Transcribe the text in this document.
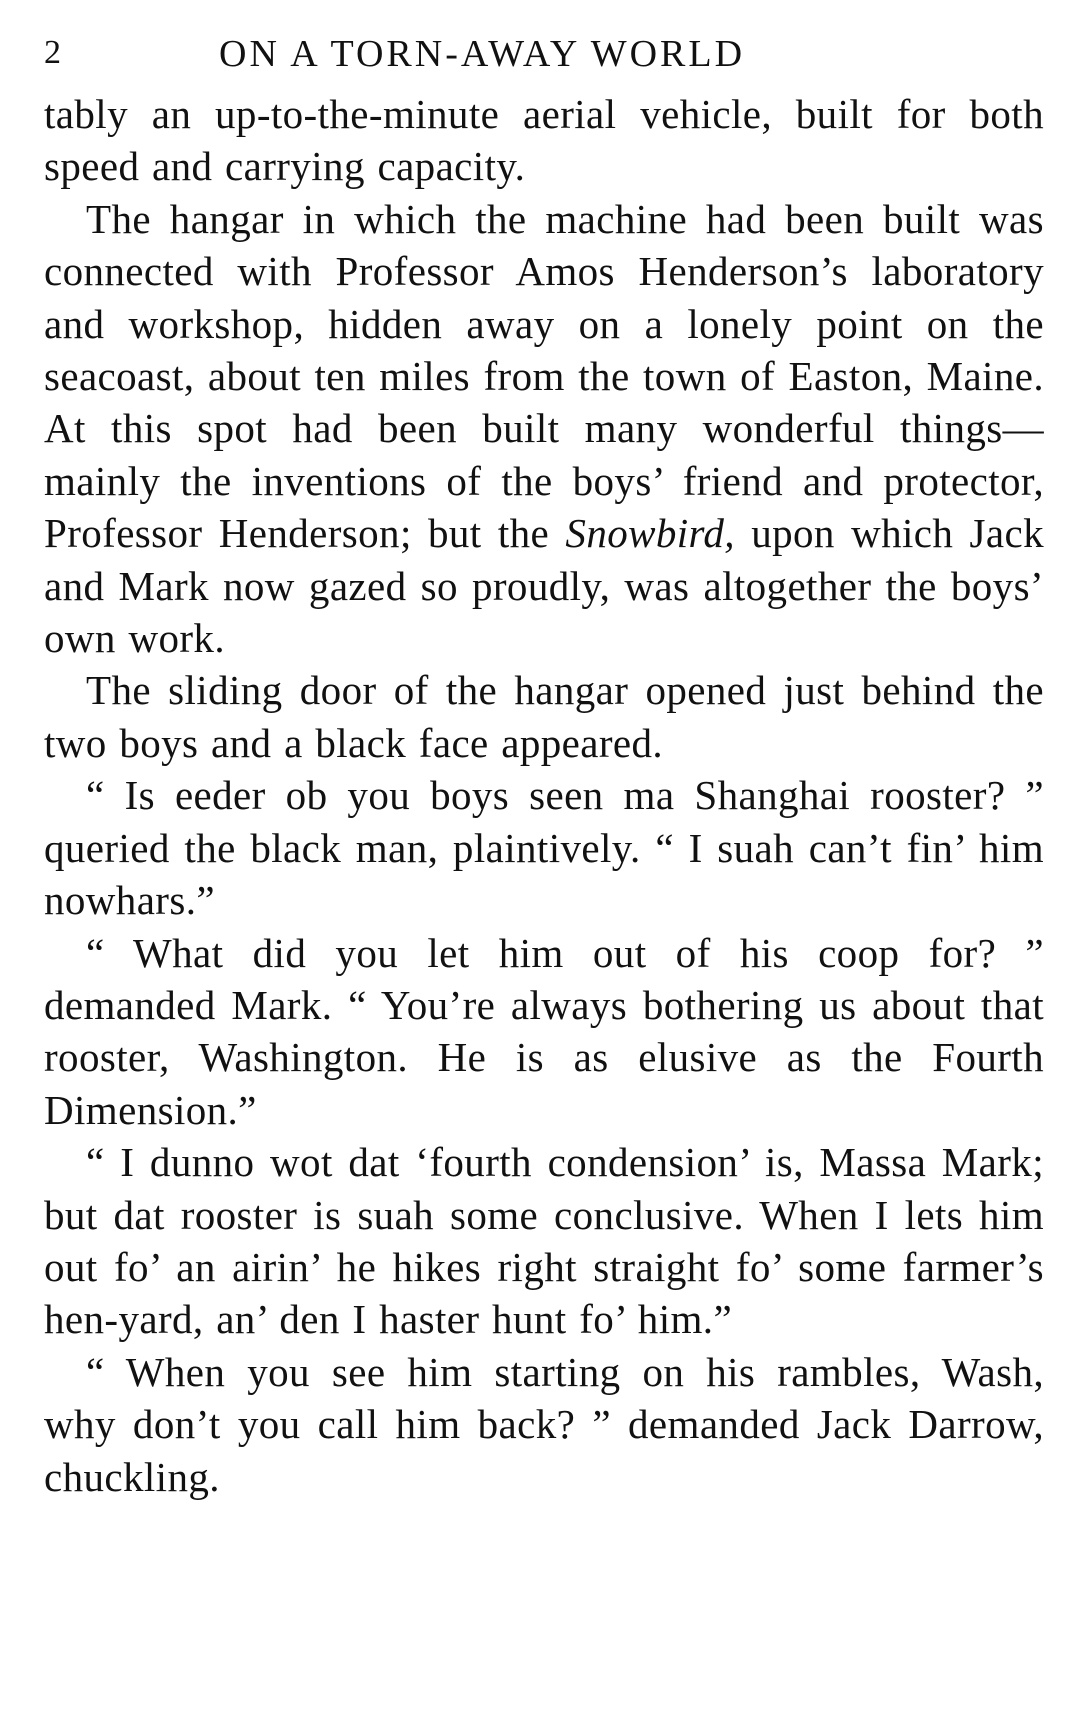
2	ON A TORN-AWAY WORLD

tably an up-to-the-minute aerial vehicle, built for both speed and carrying capacity.

The hangar in which the machine had been built was connected with Professor Amos Henderson’s laboratory and workshop, hidden away on a lonely point on the seacoast, about ten miles from the town of Easton, Maine. At this spot had been built many wonderful things—mainly the inventions of the boys’ friend and protector, Professor Henderson; but the Snowbird, upon which Jack and Mark now gazed so proudly, was altogether the boys’ own work.

The sliding door of the hangar opened just behind the two boys and a black face appeared.

“ Is eeder ob you boys seen ma Shanghai rooster? ” queried the black man, plaintively. “ I suah can’t fin’ him nowhars.”

“ What did you let him out of his coop for? ” demanded Mark. “ You’re always bothering us about that rooster, Washington. He is as elusive as the Fourth Dimension.”

“ I dunno wot dat ‘fourth condension’ is, Massa Mark; but dat rooster is suah some conclusive. When I lets him out fo’ an airin’ he hikes right straight fo’ some farmer’s hen-yard, an’ den I haster hunt fo’ him.”

“ When you see him starting on his rambles, Wash, why don’t you call him back? ” demanded Jack Darrow, chuckling.
